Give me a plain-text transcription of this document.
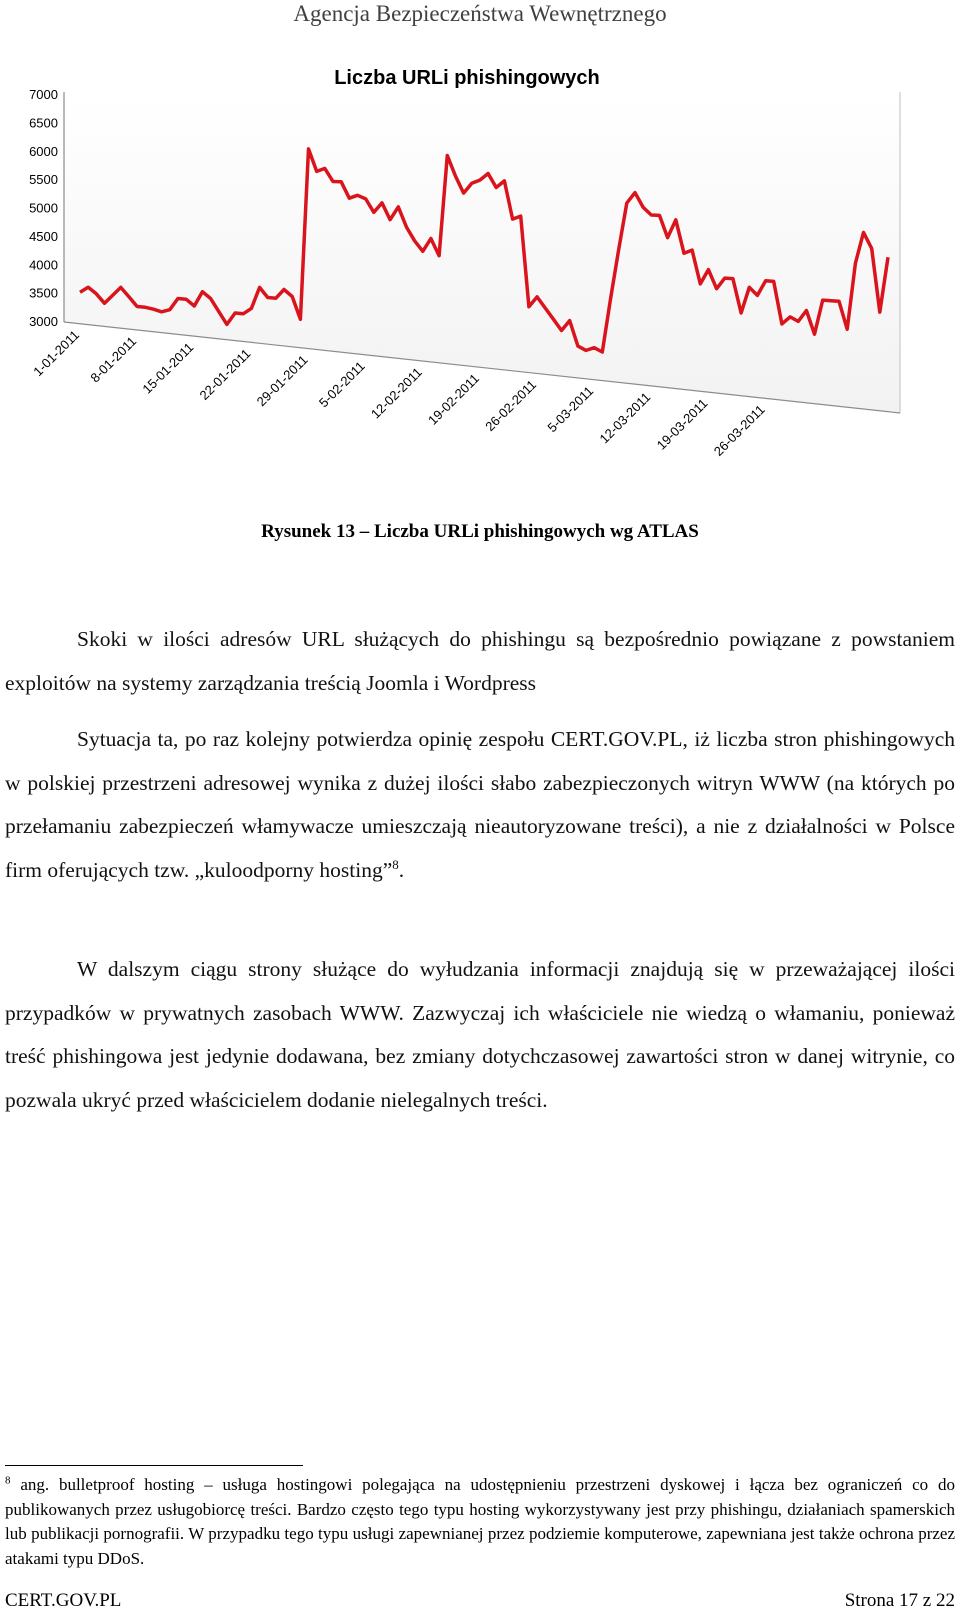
Agencja Bezpieczeństwa Wewnętrznego
Liczba URLi phishingowych
7000
6500
6000
5500
5000
4500
4000
3500
3000
1-01-2011 8-01-2011 15-01-2011 22-01-2011 29-01-2011 5-02-2011 12-02-2011 19-02-2011 26-02-2011 5-03-2011 12-03-2011 19-03-2011 26-03-2011
Rysunek 13 – Liczba URLi phishingowych wg ATLAS
Skoki w ilości adresów URL służących do phishingu są bezpośrednio powiązane z powstaniem exploitów na systemy zarządzania treścią Joomla i Wordpress
Sytuacja ta, po raz kolejny potwierdza opinię zespołu CERT.GOV.PL, iż liczba stron phishingowych w polskiej przestrzeni adresowej wynika z dużej ilości słabo zabezpieczonych witryn WWW (na których po przełamaniu zabezpieczeń włamywacze umieszczają nieautoryzowane treści), a nie z działalności w Polsce firm oferujących tzw. „kuloodporny hosting”$^8$.
W dalszym ciągu strony służące do wyłudzania informacji znajdują się w przeważającej ilości przypadków w prywatnych zasobach WWW. Zazwyczaj ich właściciele nie wiedzą o włamaniu, ponieważ treść phishingowa jest jedynie dodawana, bez zmiany dotychczasowej zawartości stron w danej witrynie, co pozwala ukryć przed właścicielem dodanie nielegalnych treści.
$^8$ ang. bulletproof hosting – usługa hostingowi polegająca na udostępnieniu przestrzeni dyskowej i łącza bez ograniczeń co do publikowanych przez usługobiorcę treści. Bardzo często tego typu hosting wykorzystywany jest przy phishingu, działaniach spamerskich lub publikacji pornografii. W przypadku tego typu usługi zapewnianej przez podziemie komputerowe, zapewniana jest także ochrona przez atakami typu DDoS.
CERT.GOV.PL	Strona 17 z 22
